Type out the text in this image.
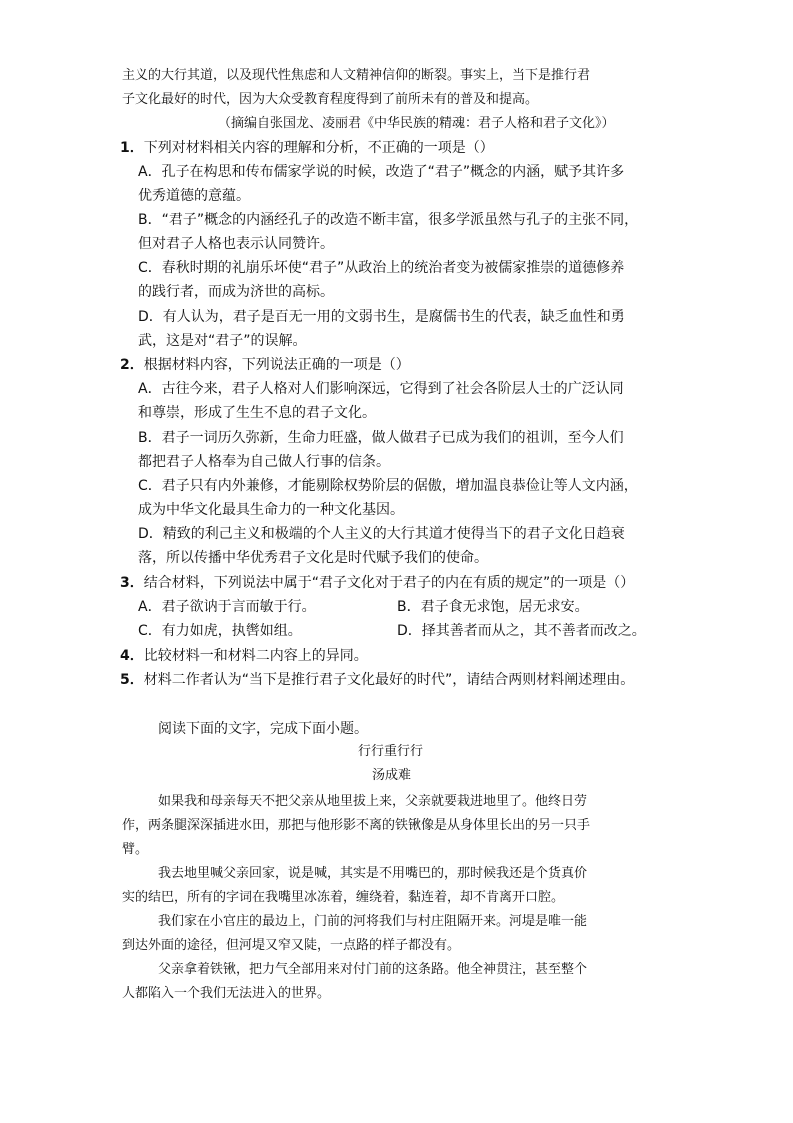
主义的大行其道，以及现代性焦虑和人文精神信仰的断裂。事实上，当下是推行君
子文化最好的时代，因为大众受教育程度得到了前所未有的普及和提高。
（摘编自张国龙、凌丽君《中华民族的精魂：君子人格和君子文化》）
1．下列对材料相关内容的理解和分析，不正确的一项是（）
A．孔子在构思和传布儒家学说的时候，改造了“君子”概念的内涵，赋予其许多
优秀道德的意蕴。
B．“君子”概念的内涵经孔子的改造不断丰富，很多学派虽然与孔子的主张不同，
但对君子人格也表示认同赞许。
C．春秋时期的礼崩乐坏使“君子”从政治上的统治者变为被儒家推崇的道德修养
的践行者，而成为济世的高标。
D．有人认为，君子是百无一用的文弱书生，是腐儒书生的代表，缺乏血性和勇
武，这是对“君子”的误解。
2．根据材料内容，下列说法正确的一项是（）
A．古往今来，君子人格对人们影响深远，它得到了社会各阶层人士的广泛认同
和尊崇，形成了生生不息的君子文化。
B．君子一词历久弥新，生命力旺盛，做人做君子已成为我们的祖训，至今人们
都把君子人格奉为自己做人行事的信条。
C．君子只有内外兼修，才能剔除权势阶层的倨傲，增加温良恭俭让等人文内涵，
成为中华文化最具生命力的一种文化基因。
D．精致的利己主义和极端的个人主义的大行其道才使得当下的君子文化日趋衰
落，所以传播中华优秀君子文化是时代赋予我们的使命。
3．结合材料，下列说法中属于“君子文化对于君子的内在有质的规定”的一项是（）
A．君子欲讷于言而敏于行。	B．君子食无求饱，居无求安。
C．有力如虎，执辔如组。	D．择其善者而从之，其不善者而改之。
4．比较材料一和材料二内容上的异同。
5．材料二作者认为“当下是推行君子文化最好的时代”，请结合两则材料阐述理由。
阅读下面的文字，完成下面小题。
行行重行行
汤成难
如果我和母亲每天不把父亲从地里拔上来，父亲就要栽进地里了。他终日劳
作，两条腿深深插进水田，那把与他形影不离的铁锹像是从身体里长出的另一只手
臂。
我去地里喊父亲回家，说是喊，其实是不用嘴巴的，那时候我还是个货真价
实的结巴，所有的字词在我嘴里冰冻着，缠绕着，黏连着，却不肯离开口腔。
我们家在小官庄的最边上，门前的河将我们与村庄阻隔开来。河堤是唯一能
到达外面的途径，但河堤又窄又陡，一点路的样子都没有。
父亲拿着铁锹，把力气全部用来对付门前的这条路。他全神贯注，甚至整个
人都陷入一个我们无法进入的世界。
